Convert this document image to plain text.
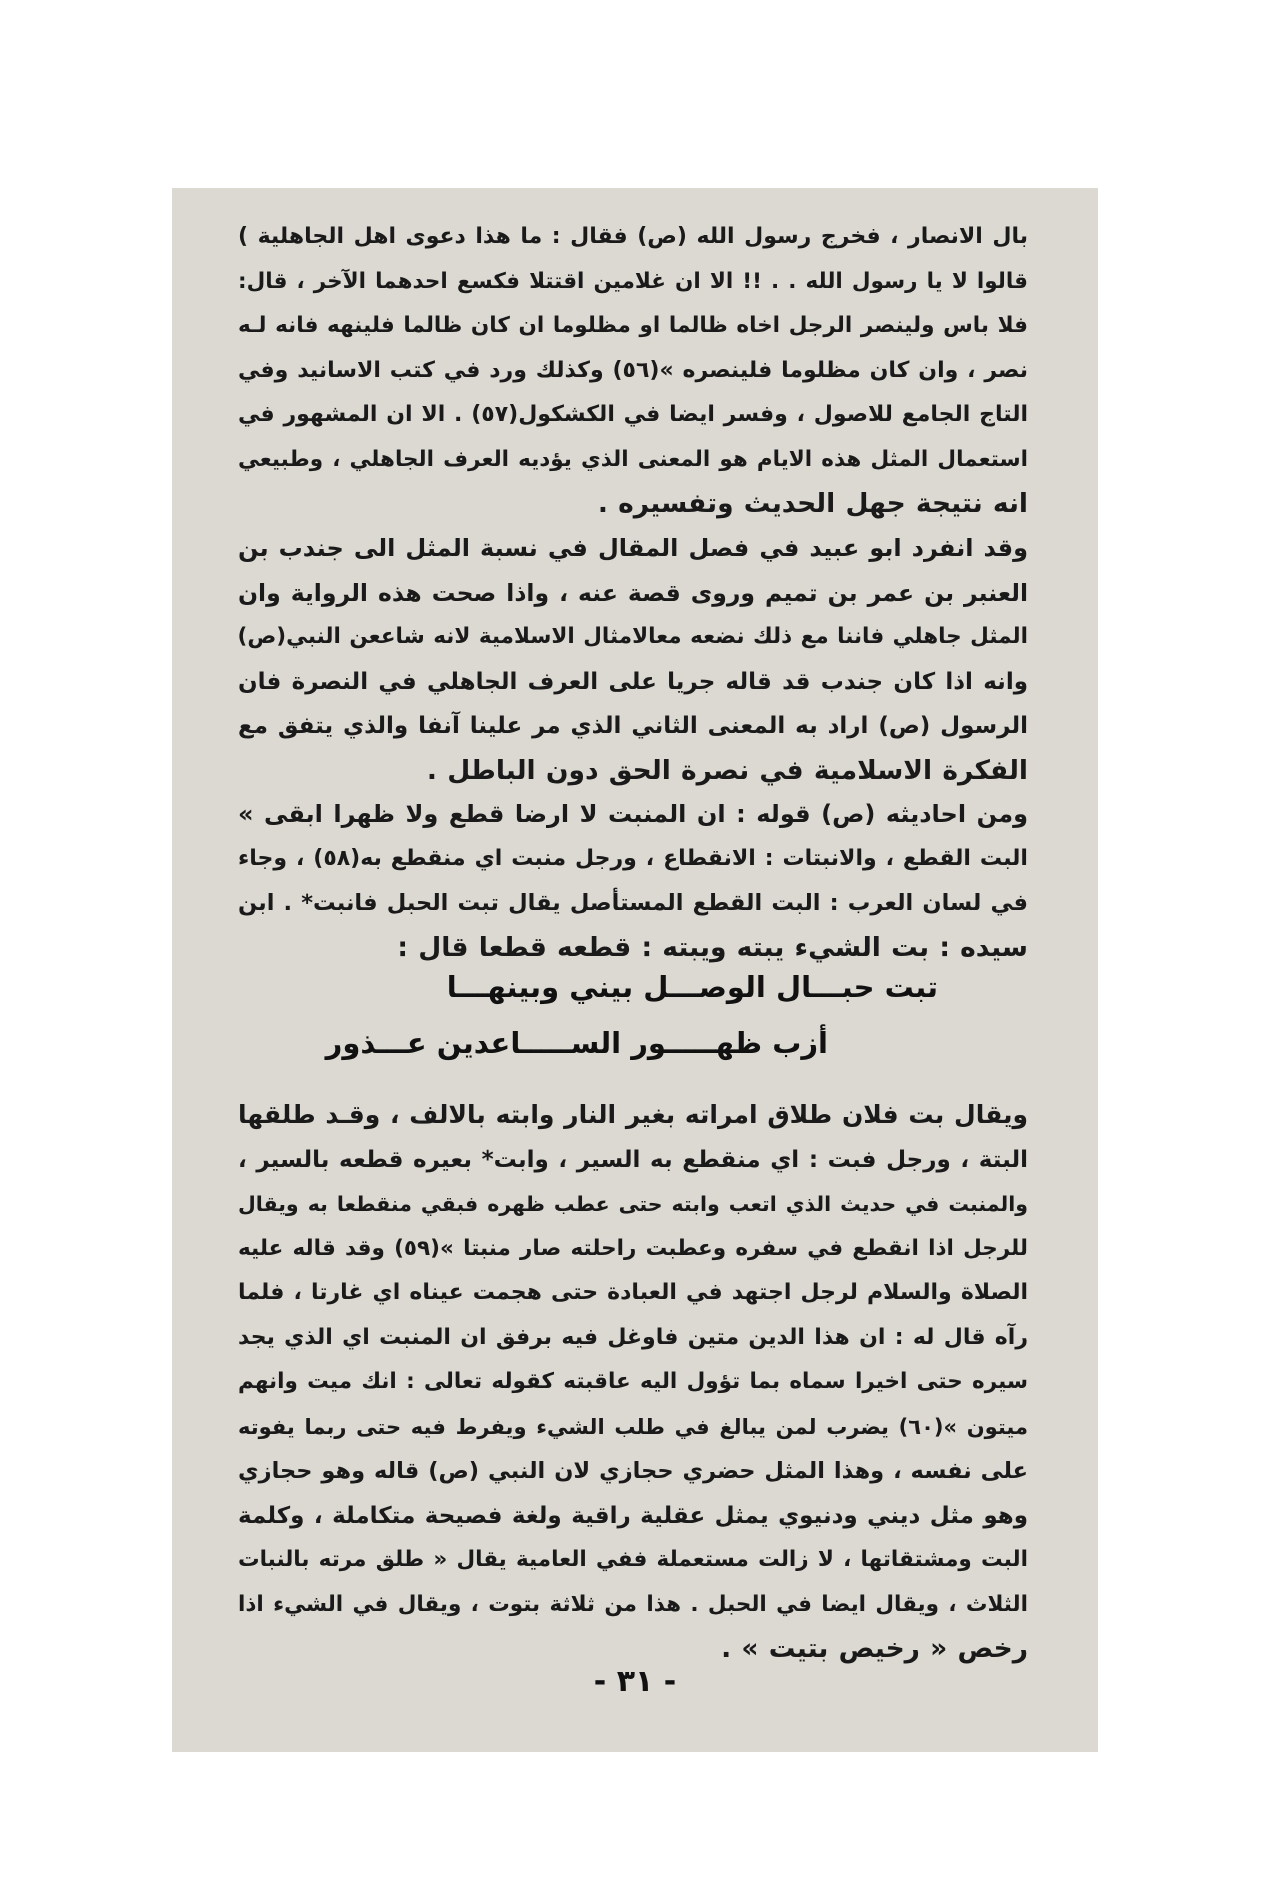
بال الانصار ، فخرج رسول الله (ص) فقال : ما هذا دعوى اهل الجاهلية )
قالوا لا يا رسول الله . . !! الا ان غلامين اقتتلا فكسع احدهما الآخر ، قال:
فلا باس ولينصر الرجل اخاه ظالما او مظلوما ان كان ظالما فلينهه فانه لـه
نصر ، وان كان مظلوما فلينصره »(٥٦) وكذلك ورد في كتب الاسانيد وفي
التاج الجامع للاصول ، وفسر ايضا في الكشكول(٥٧) . الا ان المشهور في
استعمال المثل هذه الايام هو المعنى الذي يؤديه العرف الجاهلي ، وطبيعي
انه نتيجة جهل الحديث وتفسيره .

وقد انفرد ابو عبيد في فصل المقال في نسبة المثل الى جندب بن
العنبر بن عمر بن تميم وروى قصة عنه ، واذا صحت هذه الرواية وان
المثل جاهلي فاننا مع ذلك نضعه معالامثال الاسلامية لانه شاععن النبي(ص)
وانه اذا كان جندب قد قاله جريا على العرف الجاهلي في النصرة فان
الرسول (ص) اراد به المعنى الثاني الذي مر علينا آنفا والذي يتفق مع
الفكرة الاسلامية في نصرة الحق دون الباطل .

ومن احاديثه (ص) قوله : ان المنبت لا ارضا قطع ولا ظهرا ابقى »
البت القطع ، والانبتات : الانقطاع ، ورجل منبت اي منقطع به(٥٨) ، وجاء
في لسان العرب : البت القطع المستأصل يقال تبت الحبل فانبت* . ابن
سيده : بت الشيء يبته ويبته : قطعه قطعا قال :

تبت حبـــال الوصـــل بيني وبينهـــا
أزب ظهـــــور الســـــاعدين عـــذور

ويقال بت فلان طلاق امراته بغير النار وابته بالالف ، وقـد طلقها
البتة ، ورجل فبت : اي منقطع به السير ، وابت* بعيره قطعه بالسير ،
والمنبت في حديث الذي اتعب وابته حتى عطب ظهره فبقي منقطعا به ويقال
للرجل اذا انقطع في سفره وعطبت راحلته صار منبتا »(٥٩) وقد قاله عليه
الصلاة والسلام لرجل اجتهد في العبادة حتى هجمت عيناه اي غارتا ، فلما
رآه قال له : ان هذا الدين متين فاوغل فيه برفق ان المنبت اي الذي يجد
سيره حتى اخيرا سماه بما تؤول اليه عاقبته كقوله تعالى : انك ميت وانهم
ميتون »(٦٠) يضرب لمن يبالغ في طلب الشيء ويفرط فيه حتى ربما يفوته
على نفسه ، وهذا المثل حضري حجازي لان النبي (ص) قاله وهو حجازي
وهو مثل ديني ودنيوي يمثل عقلية راقية ولغة فصيحة متكاملة ، وكلمة
البت ومشتقاتها ، لا زالت مستعملة ففي العامية يقال « طلق مرته بالنبات
الثلاث ، ويقال ايضا في الحبل . هذا من ثلاثة بتوت ، ويقال في الشيء اذا
رخص « رخيص بتيت » .

- ٣١ -
